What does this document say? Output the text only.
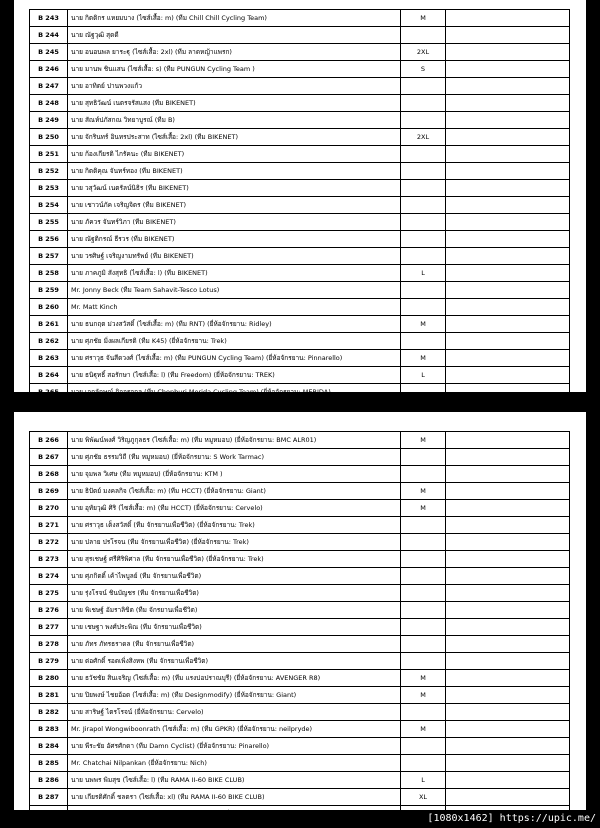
B 243	นาย กิตติกร แหยมบาง (ไซส์เสื้อ: m) (ทีม Chill Chill Cycling Team)	M	
B 244	นาย ณัฐวุฒิ สุดดี		
B 245	นาย อนอนพล ยาระฐุ (ไซส์เสื้อ: 2xl) (ทีม ลาดหญ้าแพรก)	2XL	
B 246	นาย มานพ ชินแสน (ไซส์เสื้อ: s) (ทีม PUNGUN Cycling Team )	S	
B 247	นาย อาทิตย์ ปานพวงแก้ว		
B 248	นาย สุทธิวัฒน์ เนตรจรัสแสง (ทีม BIKENET)		
B 249	นาย สัณห์ปภัสกณ วิทยาบูรณ์ (ทีม B)		
B 250	นาย จักรินทร์ อินทรประสาท (ไซส์เสื้อ: 2xl) (ทีม BIKENET)	2XL	
B 251	นาย ก้องเกียรติ ไกรัคนะ (ทีม BIKENET)		
B 252	นาย กิตติคุณ จันทร์ทอง (ทีม BIKENET)		
B 253	นาย วสุวัฒน์ เนตรัลน์นิธิร (ทีม BIKENET)		
B 254	นาย เชาวน์ภัค เจริญจิตร (ทีม BIKENET)		
B 255	นาย ภัควร จันทร์วิภา (ทีม BIKENET)		
B 256	นาย ณัฐติกรณ์ ธีรวร (ทีม BIKENET)		
B 257	นาย วรศิษฐ์ เจริญงามทรัพย์ (ทีม BIKENET)		
B 258	นาย ภาคภูมิ สังสุทธิ (ไซส์เสื้อ: l) (ทีม BIKENET)	L	
B 259	Mr. Jonny Beck (ทีม Team Sahavit-Tesco Lotus)		
B 260	Mr. Matt Kinch		
B 261	นาย ธนกฤต ม่วงสวัสดิ์ (ไซส์เสื้อ: m) (ทีม RNT) (ยี่ห้อจักรยาน: Ridley)	M	
B 262	นาย ศุภชัย มิ่งผลเกียรติ (ทีม K45) (ยี่ห้อจักรยาน: Trek)		
B 263	นาย ศราวุธ จันสีดวงศ์ (ไซส์เสื้อ: m) (ทีม PUNGUN Cycling Team) (ยี่ห้อจักรยาน: Pinnarello)	M	
B 264	นาย ธนิฐุทธิ์ สอรักษา (ไซส์เสื้อ: l) (ทีม Freedom) (ยี่ห้อจักรยาน: TREK)	L	
B 265	นาย เอกลักษณ์ กิจจรจกุล (ทีม Chonburi Merida Cycling Team) (ยี่ห้อจักรยาน: MERIDA)		
B 266	นาย พิพัฒน์พงศ์ วิริญภูกุลธร (ไซส์เสื้อ: m) (ทีม หมูหมอบ) (ยี่ห้อจักรยาน: BMC ALR01)	M	
B 267	นาย ศุภชัย ธรรมวิถี (ทีม หมูหมอบ) (ยี่ห้อจักรยาน: S Work Tarmac)		
B 268	นาย จุมพล วิเศษ (ทีม หมูหมอบ) (ยี่ห้อจักรยาน: KTM )		
B 269	นาย ธิปัตย์ มงคลกิจ (ไซส์เสื้อ: m) (ทีม HCCT) (ยี่ห้อจักรยาน: Giant)	M	
B 270	นาย อุทัยวุฒิ ศิริ (ไซส์เสื้อ: m) (ทีม HCCT) (ยี่ห้อจักรยาน: Cervelo)	M	
B 271	นาย ศราวุธ เต็งสวัสดิ์ (ทีม จักรยานเพื่อชีวิต) (ยี่ห้อจักรยาน: Trek)		
B 272	นาย ปลาย ปรโรจน (ทีม จักรยานเพื่อชีวิต) (ยี่ห้อจักรยาน: Trek)		
B 273	นาย สุรเชษฐ์ ศรีศิริพิศาล (ทีม จักรยานเพื่อชีวิต) (ยี่ห้อจักรยาน: Trek)		
B 274	นาย ศุภกิตติ์ เค้าไพบูลย์ (ทีม จักรยานเพื่อชีวิต)		
B 275	นาย รุ่งโรจน์ ชินบัญชร (ทีม จักรยานเพื่อชีวิต)		
B 276	นาย พิเชษฐ์ อัมราลิขิต (ทีม จักรยานเพื่อชีวิต)		
B 277	นาย เชษฐา พงศ์ประพิณ (ทีม จักรยานเพื่อชีวิต)		
B 278	นาย ภัทร ภัทรธราดล (ทีม จักรยานเพื่อชีวิต)		
B 279	นาย ต่อศักดิ์ รอดเพิ่งสิงหพ (ทีม จักรยานเพื่อชีวิต)		
B 280	นาย ธวัชชัย สินเจริญ (ไซส์เสื้อ: m) (ทีม แรงบ่อปราณบุรี) (ยี่ห้อจักรยาน: AVENGER R8)	M	
B 281	นาย ปิยพงษ์ ไชยอ้อด (ไซส์เสื้อ: m) (ทีม Designmodify) (ยี่ห้อจักรยาน: Giant)	M	
B 282	นาย สาริษฐ์ ไตรโรจน์ (ยี่ห้อจักรยาน: Cervelo)		
B 283	Mr. Jirapol Wongwiboonrath (ไซส์เสื้อ: m) (ทีม GPKR) (ยี่ห้อจักรยาน: neilpryde)	M	
B 284	นาย พีระชัย อัศรศักดา (ทีม Damn Cyclist) (ยี่ห้อจักรยาน: Pinarello)		
B 285	Mr. Chatchai Nilpankan (ยี่ห้อจักรยาน: Nich)		
B 286	นาย นพพร พิมสุข (ไซส์เสื้อ: l) (ทีม RAMA II-60 BIKE CLUB)	L	
B 287	นาย เกียรติศักดิ์ ชลตรา (ไซส์เสื้อ: xl) (ทีม RAMA II-60 BIKE CLUB)	XL	
B 288	Mr. sadayu piboolvitayakul (ทีม conceptspeed) (ยี่ห้อจักรยาน: F8)			[1080x1462] https://upic.me/
